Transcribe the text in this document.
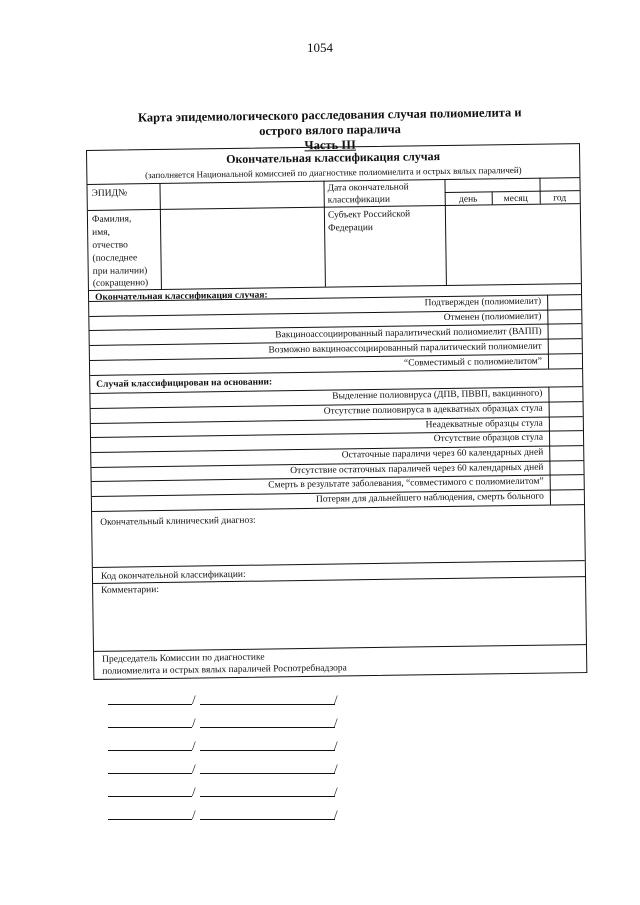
1054
Карта эпидемиологического расследования случая полиомиелита и
острого вялого паралича
Часть III
Окончательная классификация случая
(заполняется Национальной комиссией по диагностике полиомиелита и острых вялых параличей)
ЭПИД№
Дата окончательной
классификации	день	месяц	год
Фамилия,
имя,
отчество
(последнее
при наличии)
(сокращенно)
Субъект Российской
Федерации
Окончательная классификация случая:	Подтвержден (полиомиелит)
Отменен (полиомиелит)
Вакциноассоциированный паралитический полиомиелит (ВАПП)
Возможно вакциноассоциированный паралитический полиомиелит
“Совместимый с полиомиелитом”
Случай классифицирован на основании:
Выделение полиовируса (ДПВ, ПВВП, вакцинного)
Отсутствие полиовируса в адекватных образцах стула
Неадекватные образцы стула
Отсутствие образцов стула
Остаточные параличи через 60 календарных дней
Отсутствие остаточных параличей через 60 календарных дней
Смерть в результате заболевания, “совместимого с полиомиелитом”
Потерян для дальнейшего наблюдения, смерть больного
Окончательный клинический диагноз:
Код окончательной классификации:
Комментарии:
Председатель Комиссии по диагностике
полиомиелита и острых вялых параличей Роспотребнадзора
/	/
/	/
/	/
/	/
/	/
/	/
